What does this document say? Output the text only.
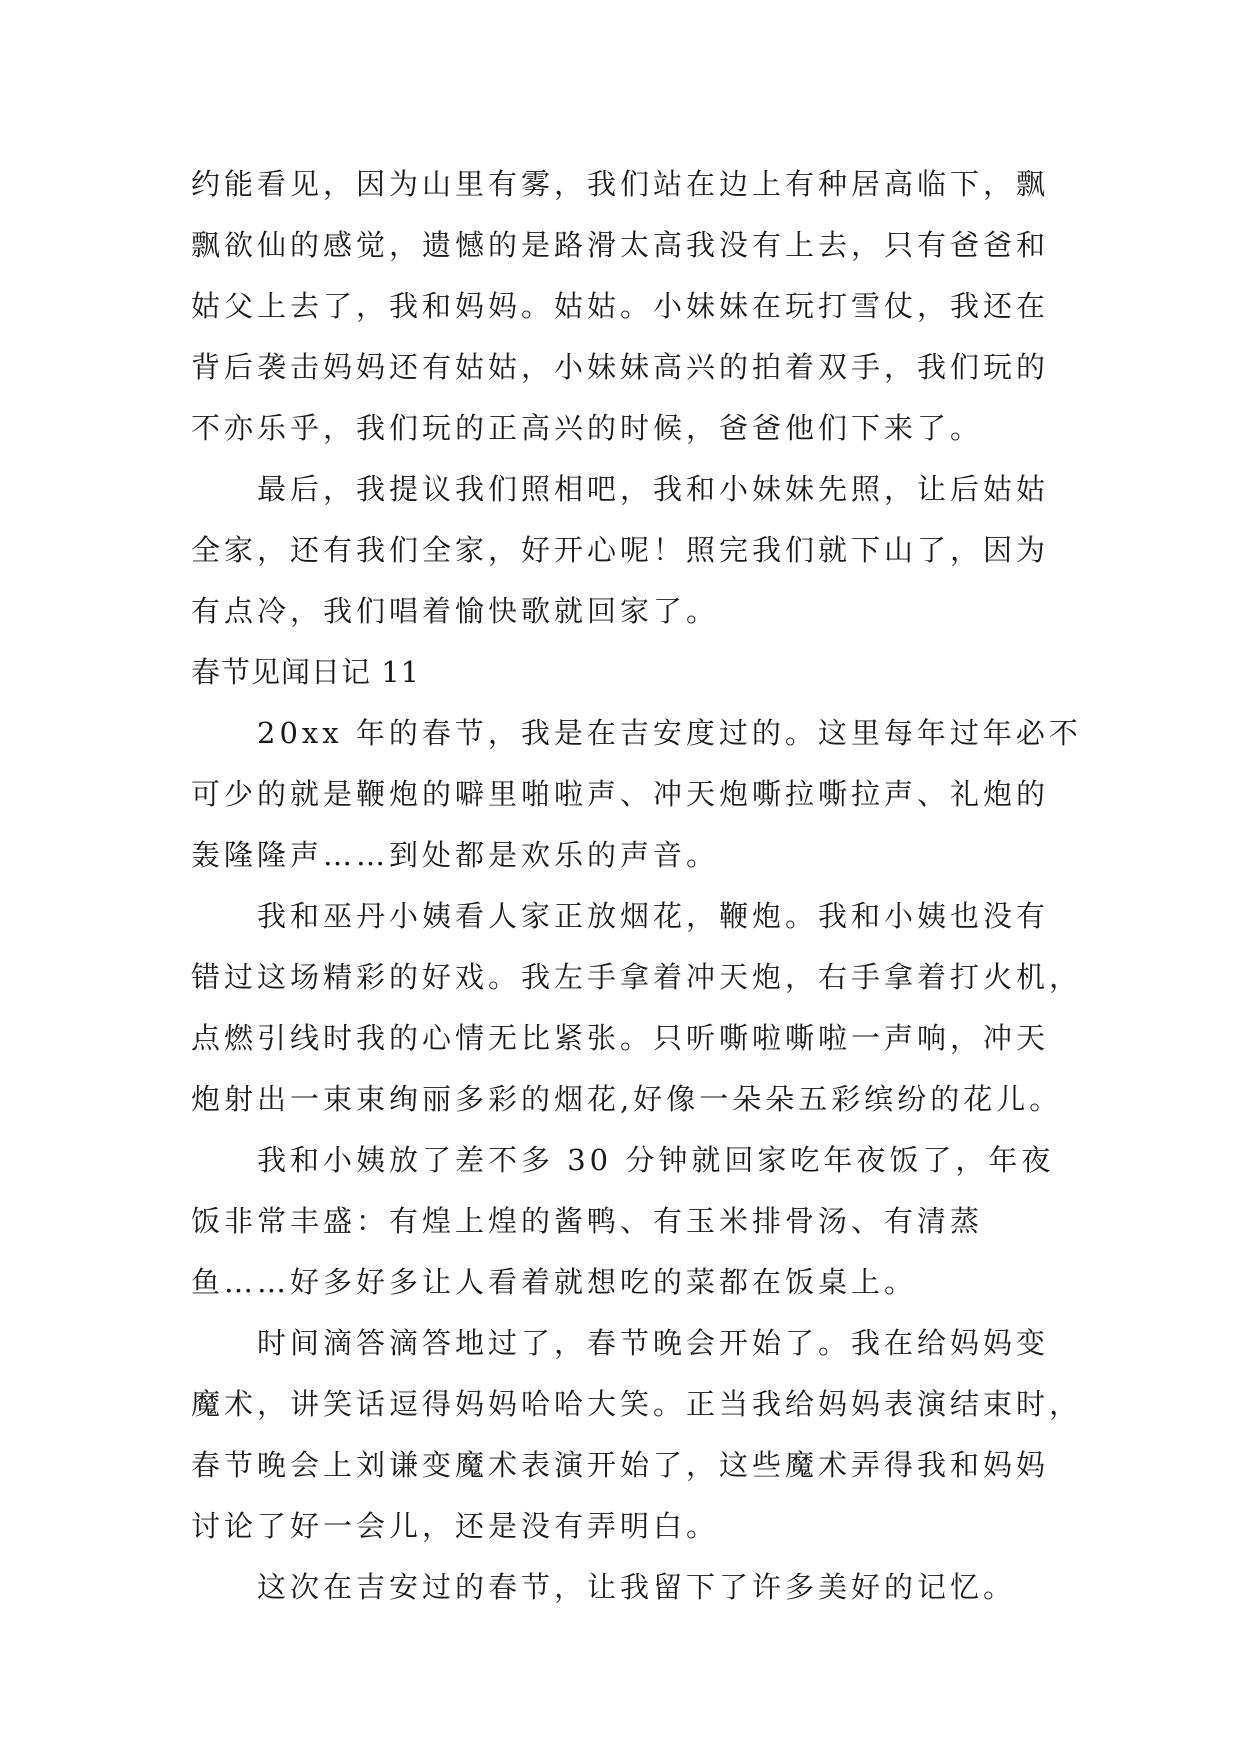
约能看见，因为山里有雾，我们站在边上有种居高临下，飘
飘欲仙的感觉，遗憾的是路滑太高我没有上去，只有爸爸和
姑父上去了，我和妈妈。姑姑。小妹妹在玩打雪仗，我还在
背后袭击妈妈还有姑姑，小妹妹高兴的拍着双手，我们玩的
不亦乐乎，我们玩的正高兴的时候，爸爸他们下来了。
最后，我提议我们照相吧，我和小妹妹先照，让后姑姑
全家，还有我们全家，好开心呢！照完我们就下山了，因为
有点冷，我们唱着愉快歌就回家了。
春节见闻日记 11
20xx 年的春节，我是在吉安度过的。这里每年过年必不
可少的就是鞭炮的噼里啪啦声、冲天炮嘶拉嘶拉声、礼炮的
轰隆隆声……到处都是欢乐的声音。
我和巫丹小姨看人家正放烟花，鞭炮。我和小姨也没有
错过这场精彩的好戏。我左手拿着冲天炮，右手拿着打火机，
点燃引线时我的心情无比紧张。只听嘶啦嘶啦一声响，冲天
炮射出一束束绚丽多彩的烟花,好像一朵朵五彩缤纷的花儿。
我和小姨放了差不多 30 分钟就回家吃年夜饭了，年夜
饭非常丰盛：有煌上煌的酱鸭、有玉米排骨汤、有清蒸
鱼……好多好多让人看着就想吃的菜都在饭桌上。
时间滴答滴答地过了，春节晚会开始了。我在给妈妈变
魔术，讲笑话逗得妈妈哈哈大笑。正当我给妈妈表演结束时，
春节晚会上刘谦变魔术表演开始了，这些魔术弄得我和妈妈
讨论了好一会儿，还是没有弄明白。
这次在吉安过的春节，让我留下了许多美好的记忆。
